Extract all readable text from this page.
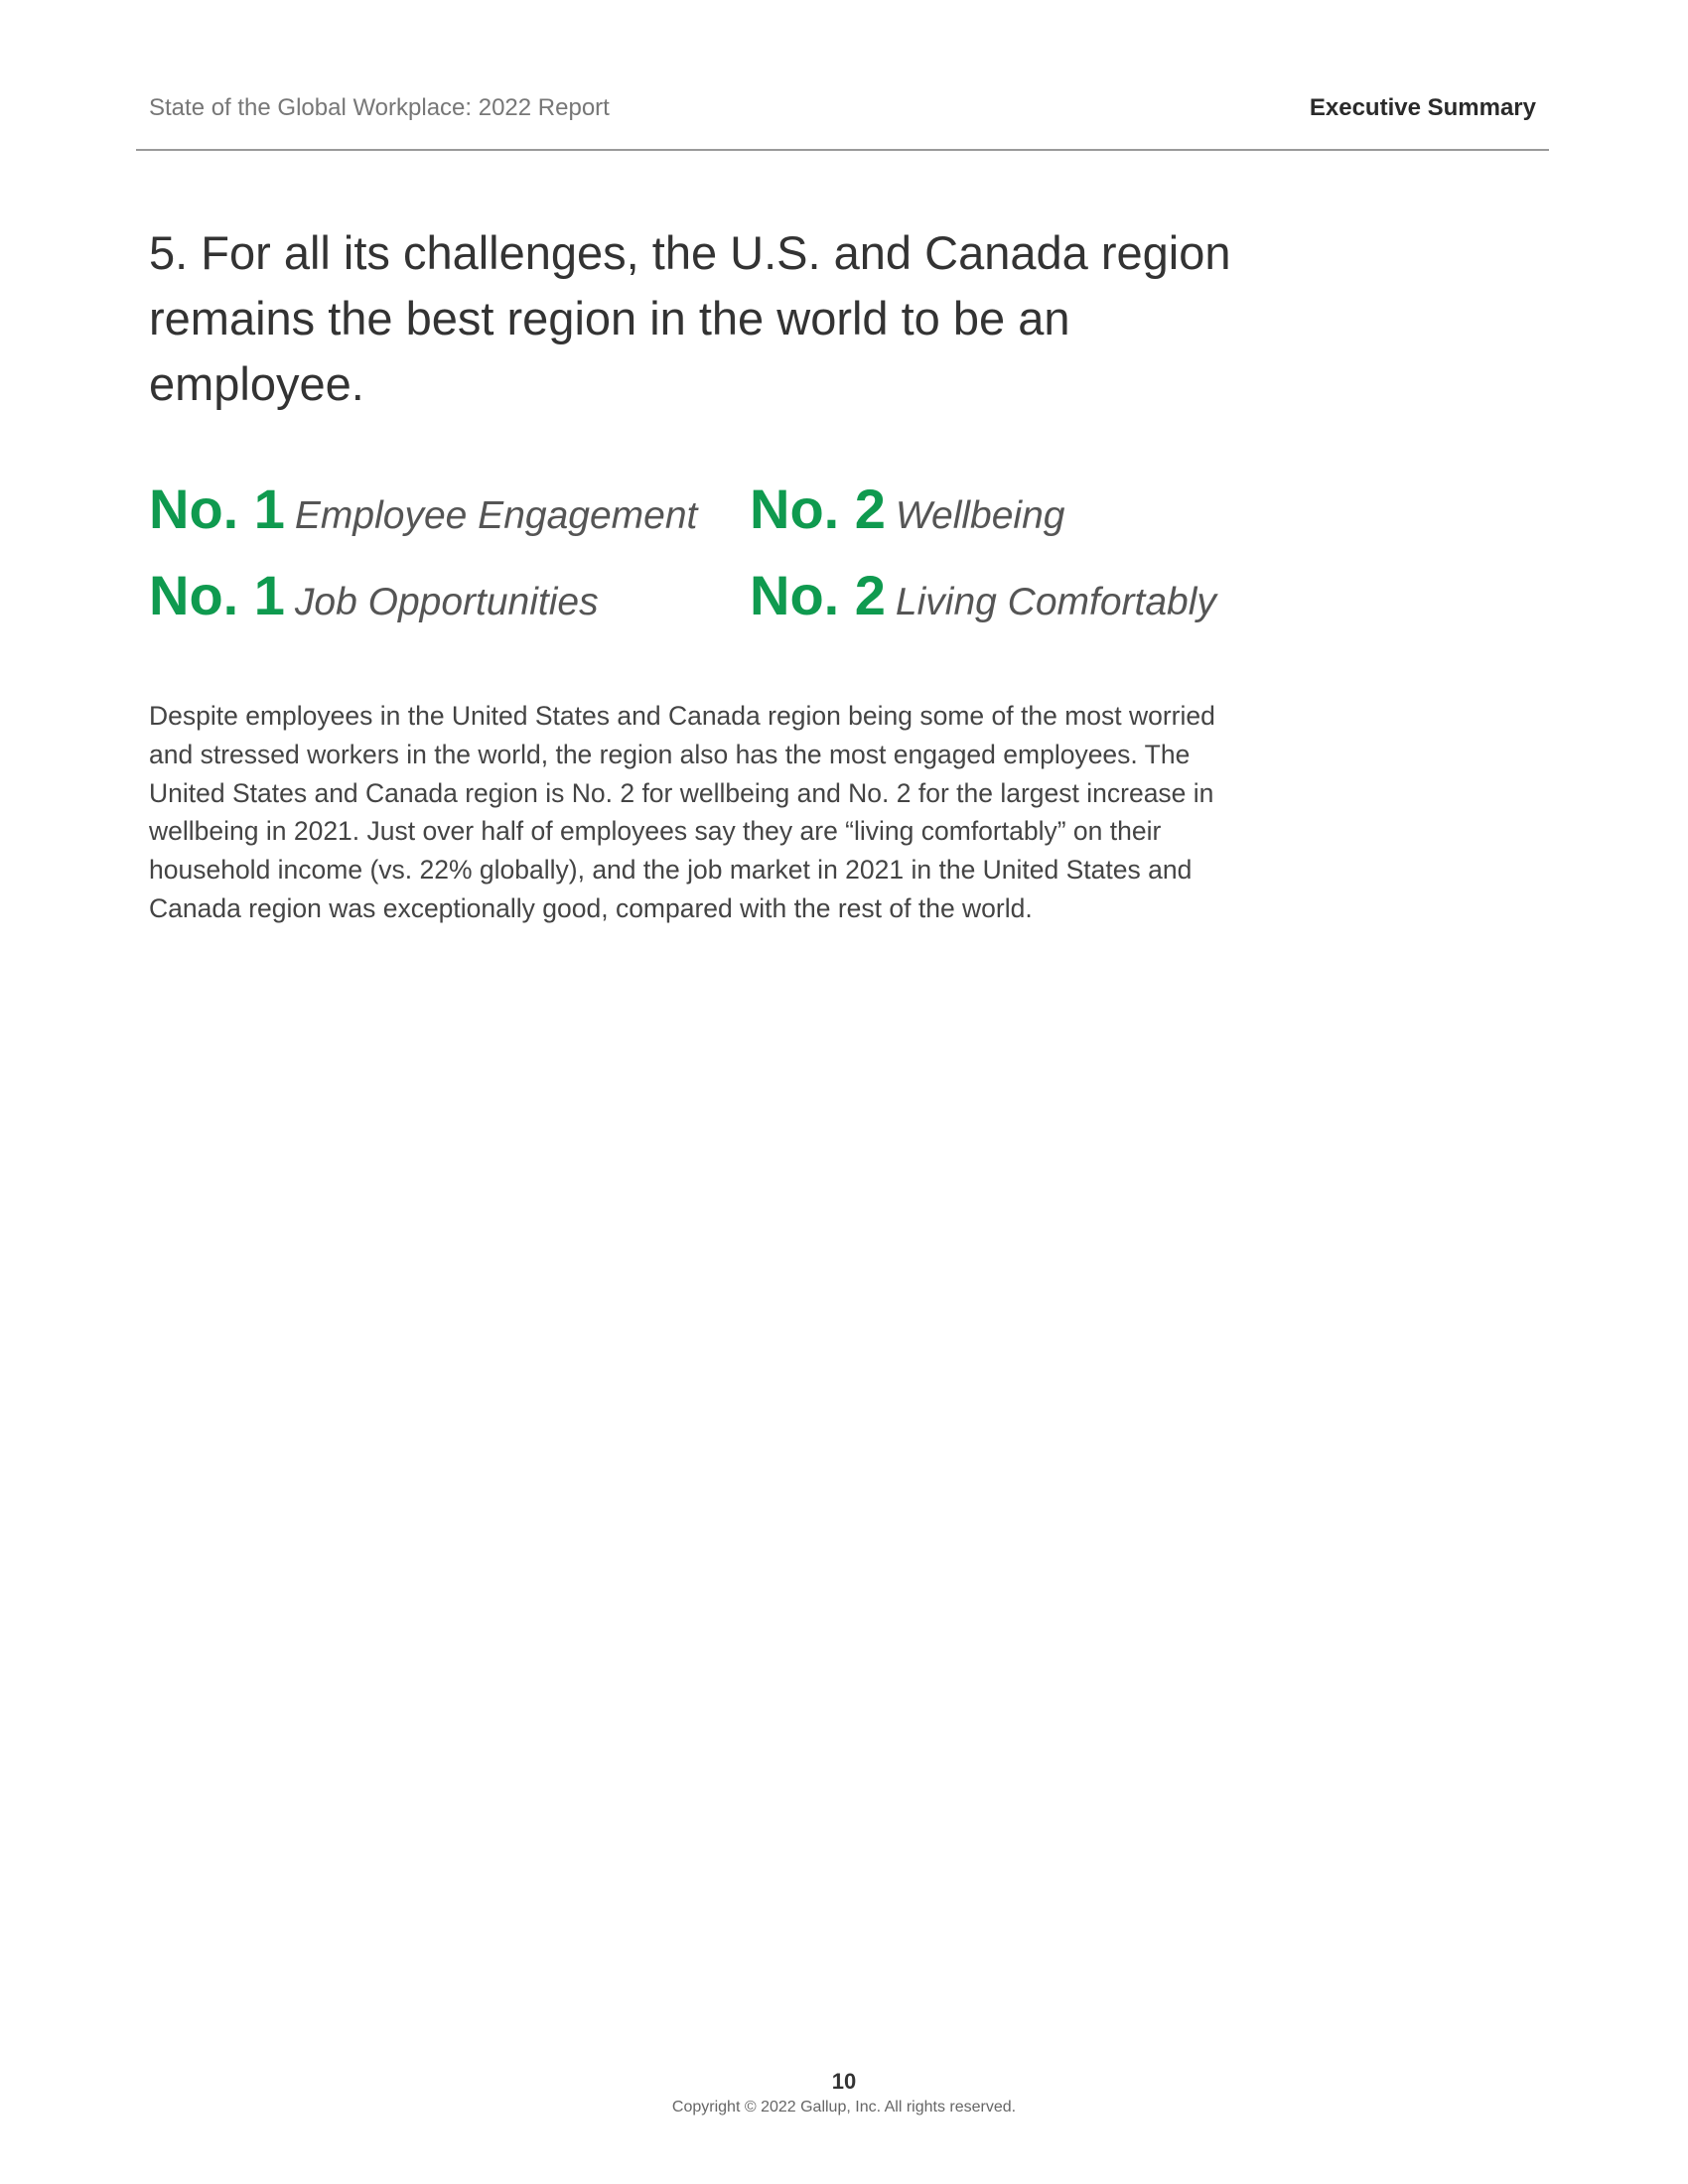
State of the Global Workplace: 2022 Report	Executive Summary
5. For all its challenges, the U.S. and Canada region remains the best region in the world to be an employee.
No. 1 Employee Engagement No. 2 Wellbeing
No. 1 Job Opportunities	No. 2 Living Comfortably

Despite employees in the United States and Canada region being some of the most worried and stressed workers in the world, the region also has the most engaged employees. The United States and Canada region is No. 2 for wellbeing and No. 2 for the largest increase in wellbeing in 2021. Just over half of employees say they are “living comfortably” on their household income (vs. 22% globally), and the job market in 2021 in the United States and Canada region was exceptionally good, compared with the rest of the world.

10
Copyright © 2022 Gallup, Inc. All rights reserved.
